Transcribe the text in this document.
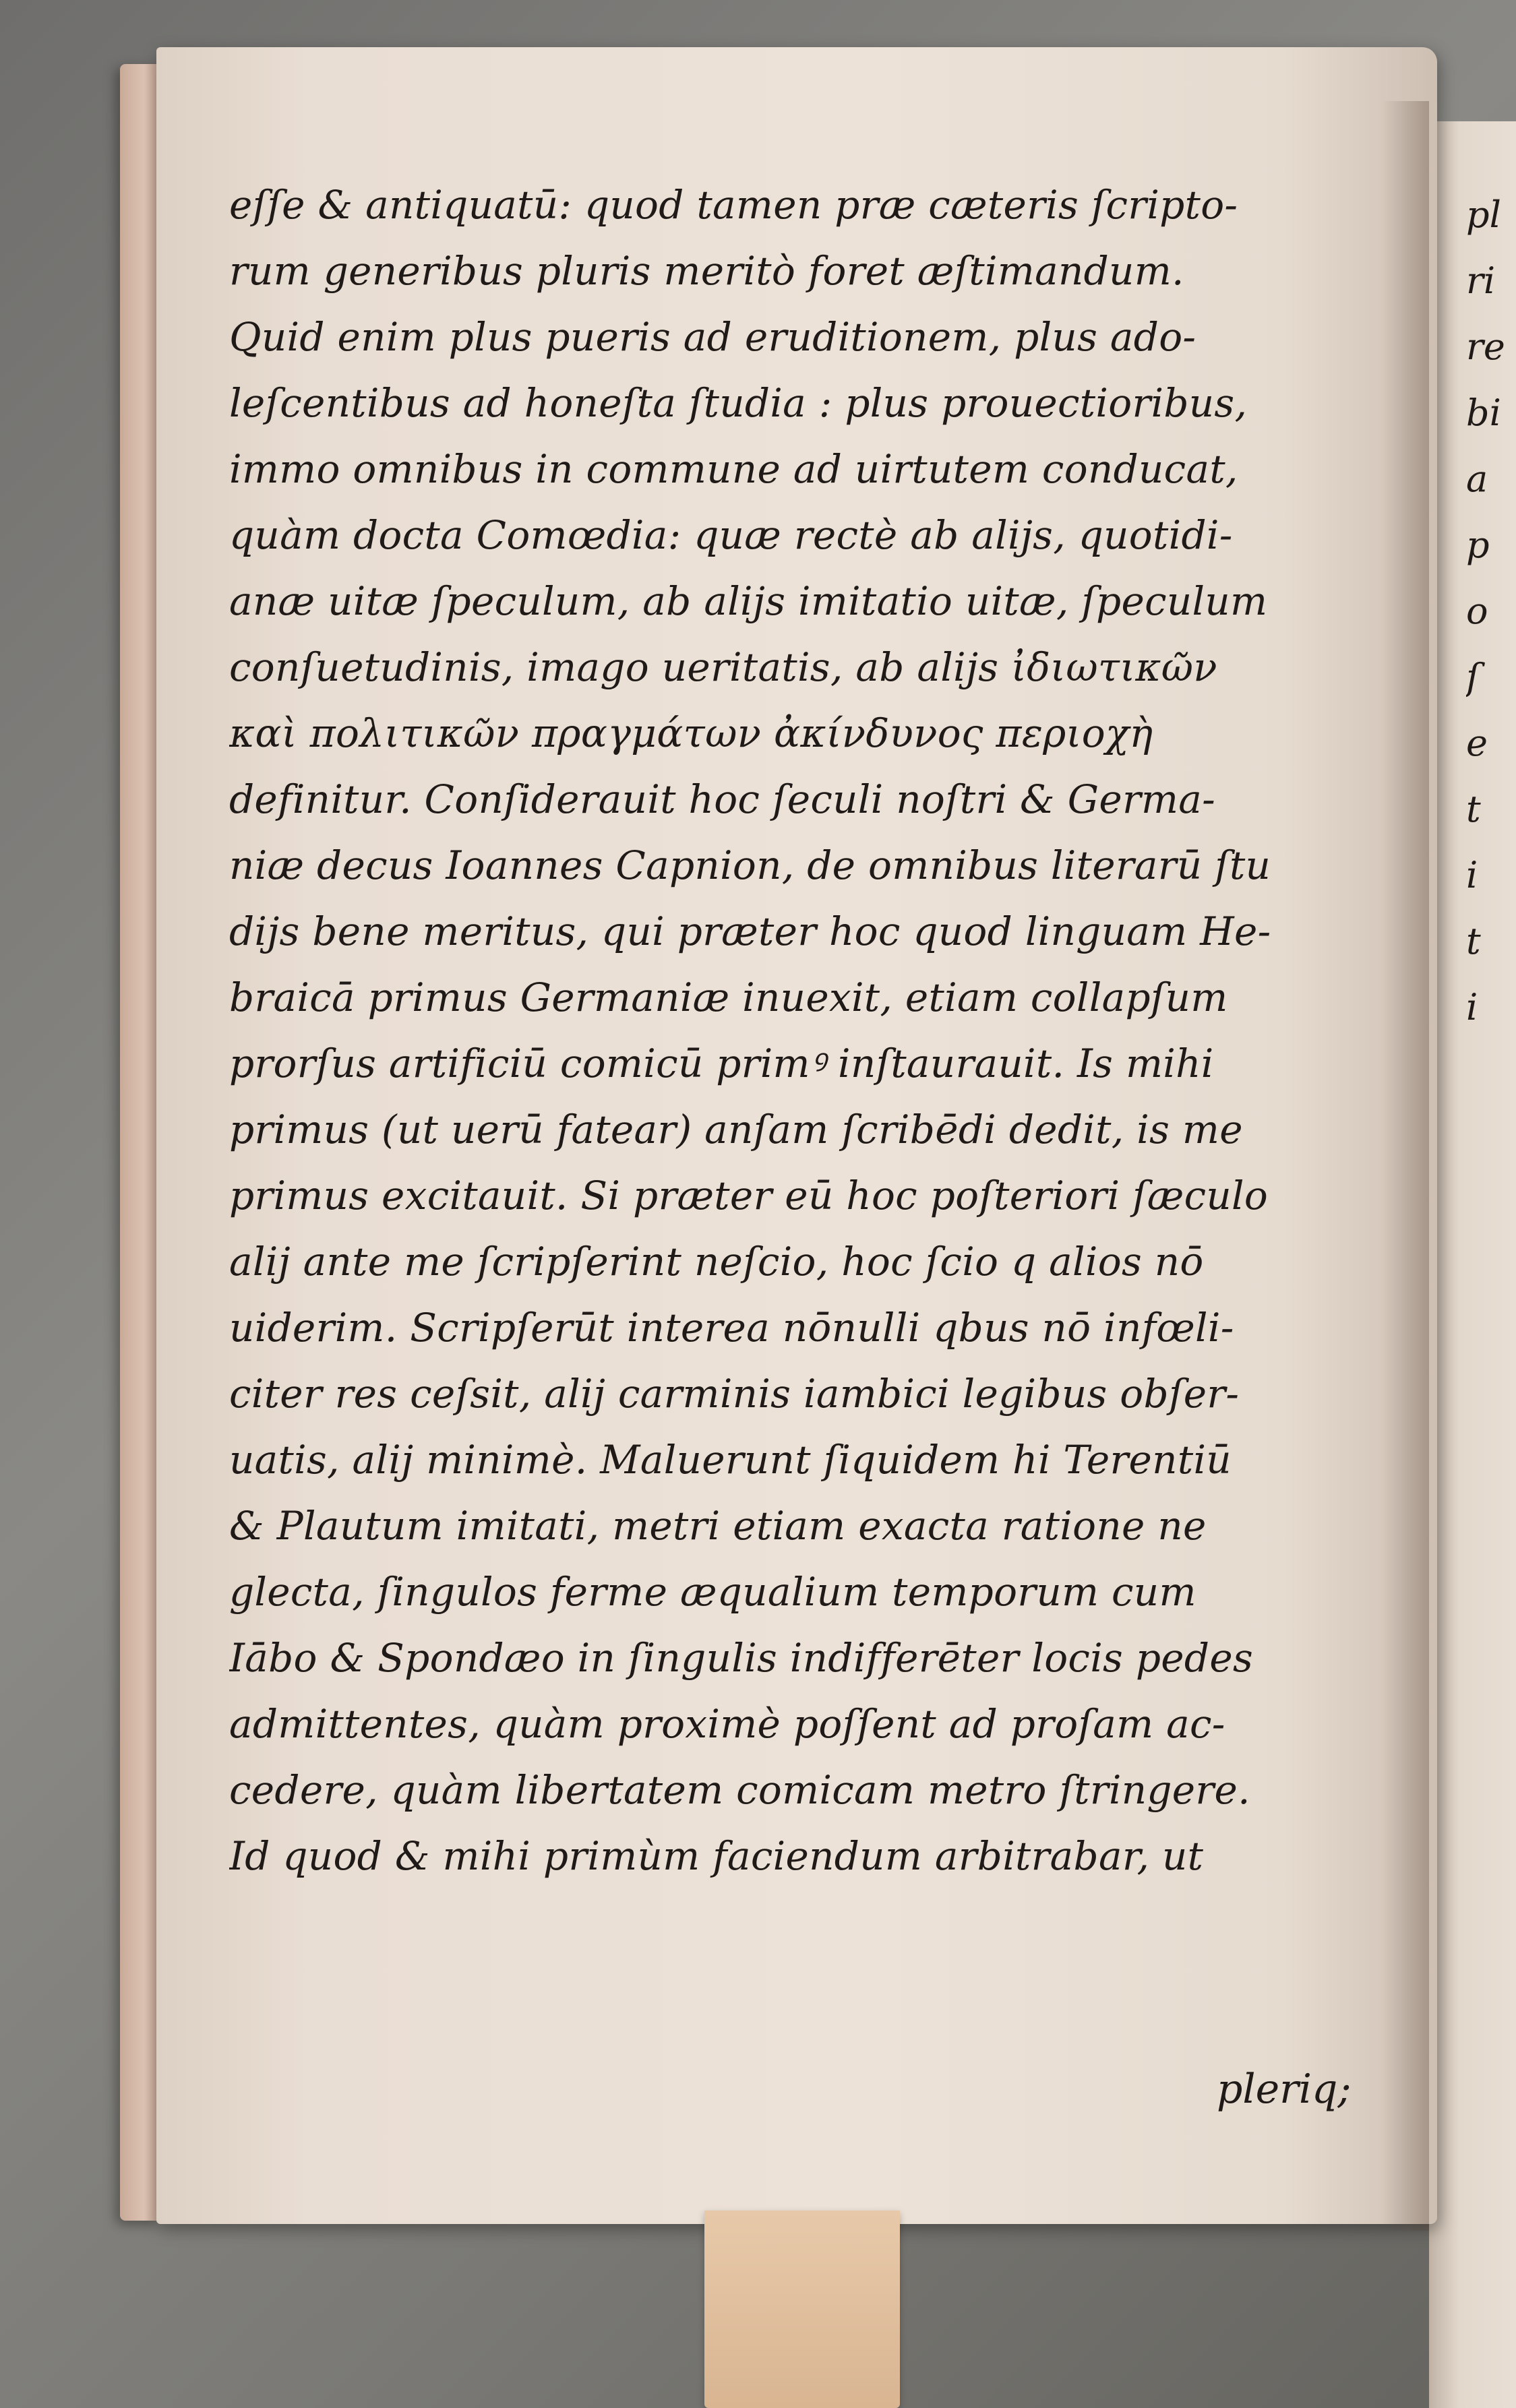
eſſe & antiquatū: quod tamen præ cæteris ſcripto-
rum generibus pluris meritò foret æſtimandum.
Quid enim plus pueris ad eruditionem, plus ado-
leſcentibus ad honeſta ſtudia : plus prouectioribus,
immo omnibus in commune ad uirtutem conducat,
quàm docta Comœdia: quæ rectè ab alijs, quotidi-
anæ uitæ ſpeculum, ab alijs imitatio uitæ, ſpeculum
conſuetudinis, imago ueritatis, ab alijs ἰδιωτικῶν
καὶ πολιτικῶν πραγμάτων ἀκίνδυνος περιοχὴ
definitur. Conſiderauit hoc ſeculi noſtri & Germa-
niæ decus Ioannes Capnion, de omnibus literarū ſtu
dijs bene meritus, qui præter hoc quod linguam He-
braicā primus Germaniæ inuexit, etiam collapſum
prorſus artificiū comicū primꝰ inſtaurauit. Is mihi
primus (ut uerū fatear) anſam ſcribēdi dedit, is me
primus excitauit. Si præter eū hoc poſteriori ſæculo
alij ante me ſcripſerint neſcio, hoc ſcio q alios nō
uiderim. Scripſerūt interea nōnulli qbus nō infœli-
citer res ceſsit, alij carminis iambici legibus obſer-
uatis, alij minimè. Maluerunt ſiquidem hi Terentiū
& Plautum imitati, metri etiam exacta ratione ne
glecta, ſingulos ferme æqualium temporum cum
Iābo & Spondæo in ſingulis indifferēter locis pedes
admittentes, quàm proximè poſſent ad proſam ac-
cedere, quàm libertatem comicam metro ſtringere.
Id quod & mihi primùm faciendum arbitrabar, ut
pleriq;
pl
ri
re
bi
a
p
o
ſ
e
t
i
t
i
